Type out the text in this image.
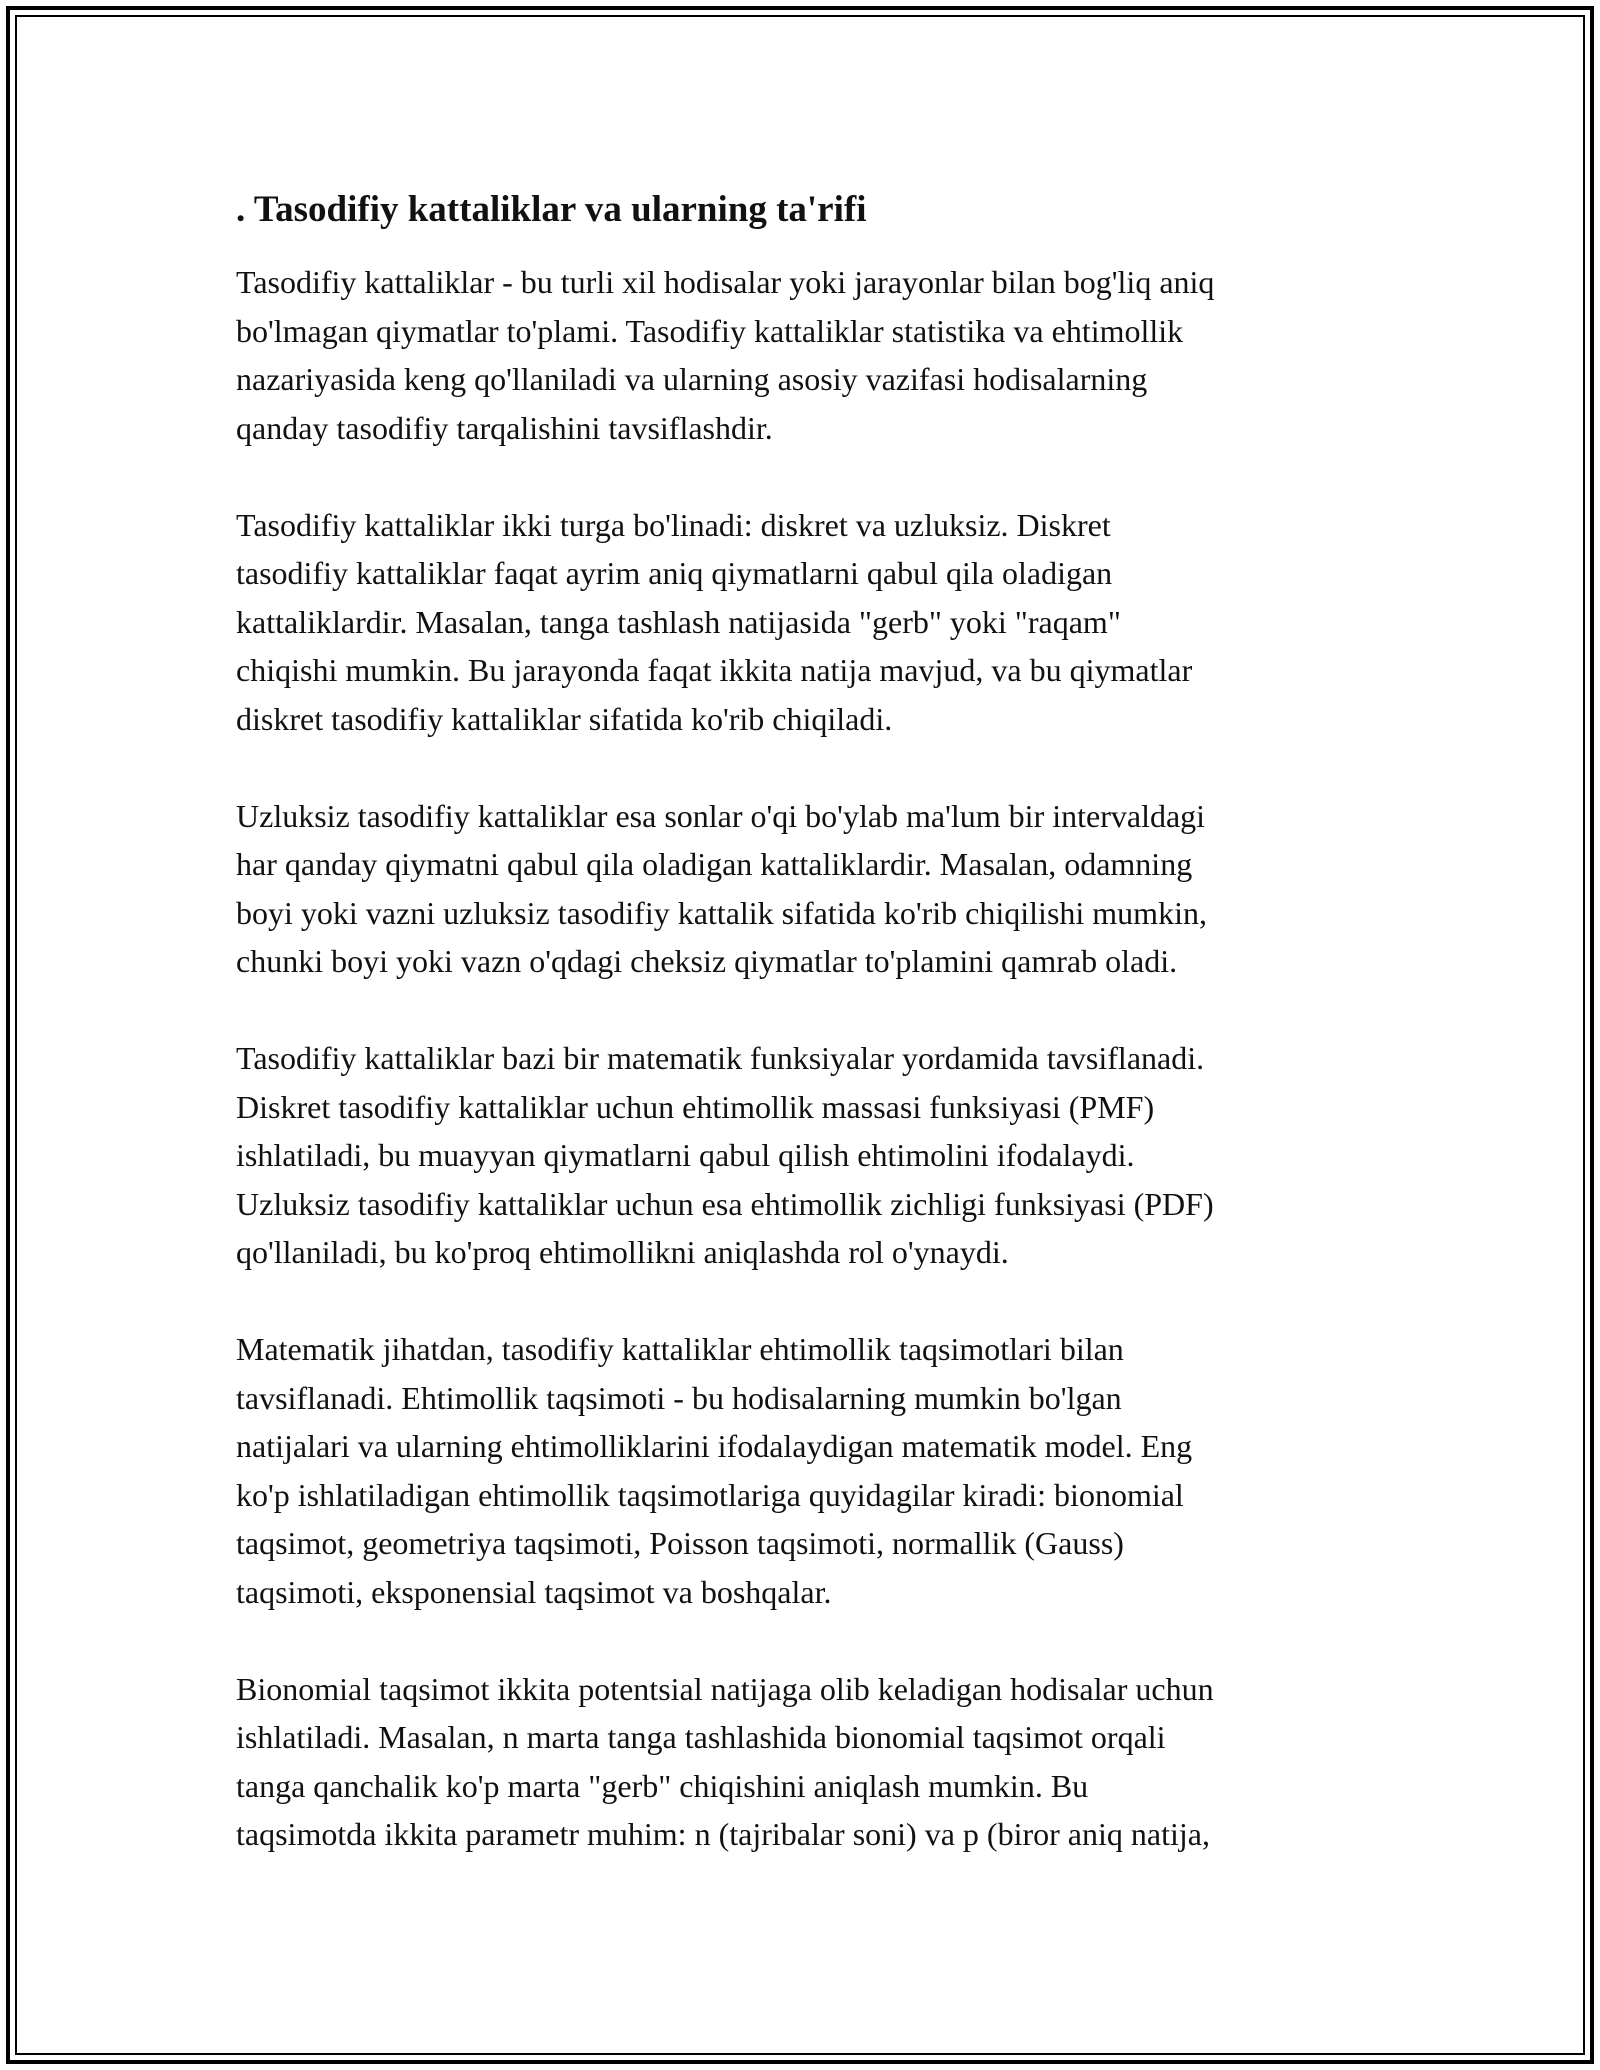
. Tasodifiy kattaliklar va ularning ta'rifi

Tasodifiy kattaliklar - bu turli xil hodisalar yoki jarayonlar bilan bog'liq aniq
bo'lmagan qiymatlar to'plami. Tasodifiy kattaliklar statistika va ehtimollik
nazariyasida keng qo'llaniladi va ularning asosiy vazifasi hodisalarning
qanday tasodifiy tarqalishini tavsiflashdir.

Tasodifiy kattaliklar ikki turga bo'linadi: diskret va uzluksiz. Diskret
tasodifiy kattaliklar faqat ayrim aniq qiymatlarni qabul qila oladigan
kattaliklardir. Masalan, tanga tashlash natijasida "gerb" yoki "raqam"
chiqishi mumkin. Bu jarayonda faqat ikkita natija mavjud, va bu qiymatlar
diskret tasodifiy kattaliklar sifatida ko'rib chiqiladi.

Uzluksiz tasodifiy kattaliklar esa sonlar o'qi bo'ylab ma'lum bir intervaldagi
har qanday qiymatni qabul qila oladigan kattaliklardir. Masalan, odamning
boyi yoki vazni uzluksiz tasodifiy kattalik sifatida ko'rib chiqilishi mumkin,
chunki boyi yoki vazn o'qdagi cheksiz qiymatlar to'plamini qamrab oladi.

Tasodifiy kattaliklar bazi bir matematik funksiyalar yordamida tavsiflanadi.
Diskret tasodifiy kattaliklar uchun ehtimollik massasi funksiyasi (PMF)
ishlatiladi, bu muayyan qiymatlarni qabul qilish ehtimolini ifodalaydi.
Uzluksiz tasodifiy kattaliklar uchun esa ehtimollik zichligi funksiyasi (PDF)
qo'llaniladi, bu ko'proq ehtimollikni aniqlashda rol o'ynaydi.

Matematik jihatdan, tasodifiy kattaliklar ehtimollik taqsimotlari bilan
tavsiflanadi. Ehtimollik taqsimoti - bu hodisalarning mumkin bo'lgan
natijalari va ularning ehtimolliklarini ifodalaydigan matematik model. Eng
ko'p ishlatiladigan ehtimollik taqsimotlariga quyidagilar kiradi: bionomial
taqsimot, geometriya taqsimoti, Poisson taqsimoti, normallik (Gauss)
taqsimoti, eksponensial taqsimot va boshqalar.

Bionomial taqsimot ikkita potentsial natijaga olib keladigan hodisalar uchun
ishlatiladi. Masalan, n marta tanga tashlashida bionomial taqsimot orqali
tanga qanchalik ko'p marta "gerb" chiqishini aniqlash mumkin. Bu
taqsimotda ikkita parametr muhim: n (tajribalar soni) va p (biror aniq natija,
